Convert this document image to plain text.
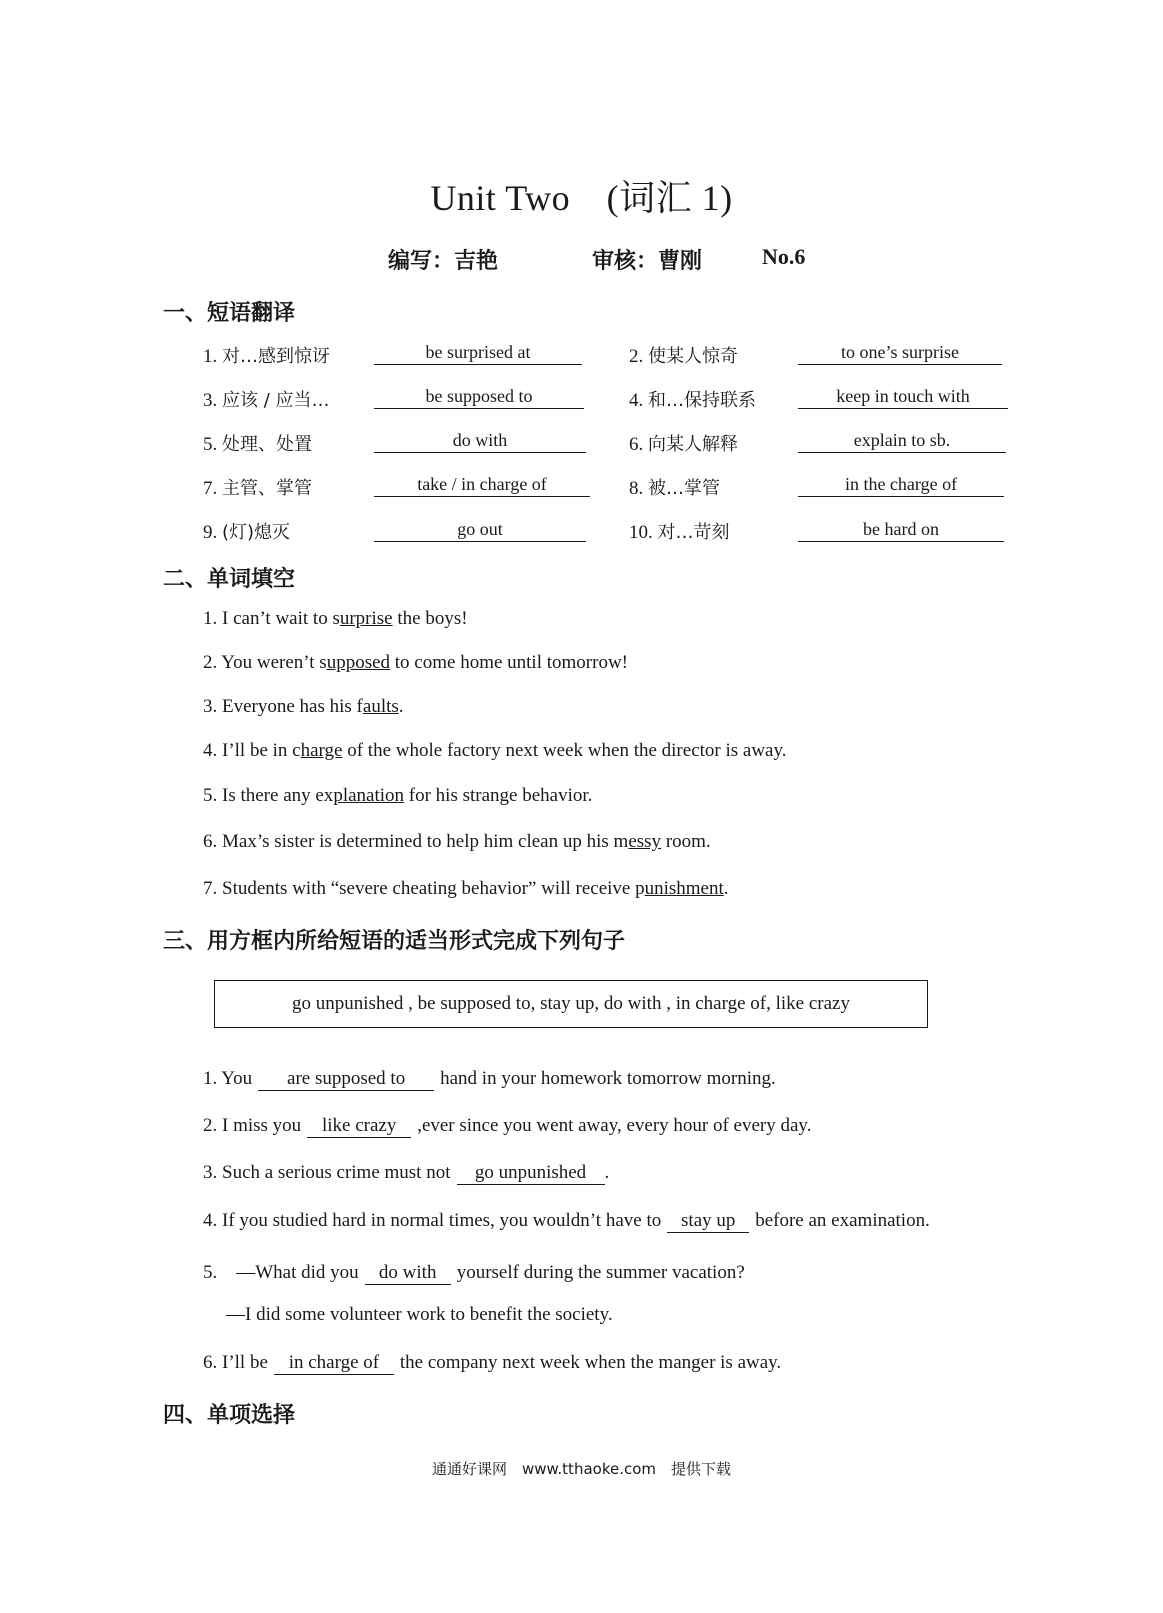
Unit Two　(词汇 1)
编写：吉艳	审核：曹刚	No.6
一、短语翻译
1. 对…感到惊讶	be surprised at	2. 使某人惊奇	to one’s surprise
3. 应该 / 应当…	be supposed to	4. 和…保持联系	keep in touch with
5. 处理、处置	do with	6. 向某人解释	explain to sb.
7. 主管、掌管	take / in charge of	8. 被…掌管	in the charge of
9. (灯)熄灭	go out	10. 对…苛刻	be hard on
二、单词填空
1. I can’t wait to surprise the boys!
2. You weren’t supposed to come home until tomorrow!
3. Everyone has his faults.
4. I’ll be in charge of the whole factory next week when the director is away.
5. Is there any explanation for his strange behavior.
6. Max’s sister is determined to help him clean up his messy room.
7. Students with “severe cheating behavior” will receive punishment.
三、用方框内所给短语的适当形式完成下列句子
go unpunished , be supposed to, stay up, do with , in charge of, like crazy
1. You are supposed to hand in your homework tomorrow morning.
2. I miss you like crazy ,ever since you went away, every hour of every day.
3. Such a serious crime must not go unpunished .
4. If you studied hard in normal times, you wouldn’t have to stay up before an examination.
5.　—What did you do with yourself during the summer vacation?
—I did some volunteer work to benefit the society.
6. I’ll be in charge of the company next week when the manger is away.
四、单项选择
通通好课网　www.tthaoke.com　提供下载
